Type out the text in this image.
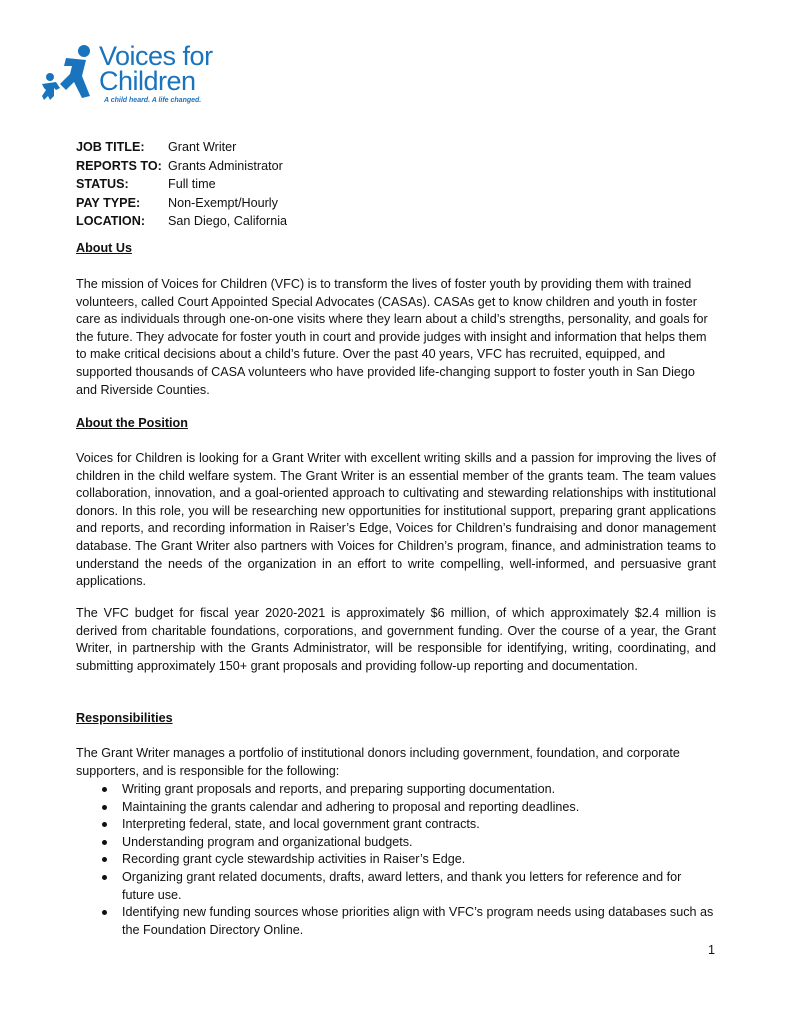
Voices for
Children
A child heard. A life changed.
JOB TITLE:	Grant Writer
REPORTS TO: Grants Administrator
STATUS:	Full time
PAY TYPE:	Non-Exempt/Hourly
LOCATION:	San Diego, California
About Us
The mission of Voices for Children (VFC) is to transform the lives of foster youth by providing them with trained volunteers, called Court Appointed Special Advocates (CASAs). CASAs get to know children and youth in foster care as individuals through one-on-one visits where they learn about a child’s strengths, personality, and goals for the future. They advocate for foster youth in court and provide judges with insight and information that helps them to make critical decisions about a child’s future. Over the past 40 years, VFC has recruited, equipped, and supported thousands of CASA volunteers who have provided life-changing support to foster youth in San Diego and Riverside Counties.
About the Position
Voices for Children is looking for a Grant Writer with excellent writing skills and a passion for improving the lives of children in the child welfare system. The Grant Writer is an essential member of the grants team. The team values collaboration, innovation, and a goal-oriented approach to cultivating and stewarding relationships with institutional donors. In this role, you will be researching new opportunities for institutional support, preparing grant applications and reports, and recording information in Raiser’s Edge, Voices for Children’s fundraising and donor management database. The Grant Writer also partners with Voices for Children’s program, finance, and administration teams to understand the needs of the organization in an effort to write compelling, well-informed, and persuasive grant applications.
The VFC budget for fiscal year 2020-2021 is approximately $6 million, of which approximately $2.4 million is derived from charitable foundations, corporations, and government funding. Over the course of a year, the Grant Writer, in partnership with the Grants Administrator, will be responsible for identifying, writing, coordinating, and submitting approximately 150+ grant proposals and providing follow-up reporting and documentation.
Responsibilities
The Grant Writer manages a portfolio of institutional donors including government, foundation, and corporate supporters, and is responsible for the following:
Writing grant proposals and reports, and preparing supporting documentation.
Maintaining the grants calendar and adhering to proposal and reporting deadlines.
Interpreting federal, state, and local government grant contracts.
Understanding program and organizational budgets.
Recording grant cycle stewardship activities in Raiser’s Edge.
Organizing grant related documents, drafts, award letters, and thank you letters for reference and for future use.
Identifying new funding sources whose priorities align with VFC’s program needs using databases such as the Foundation Directory Online.
1
